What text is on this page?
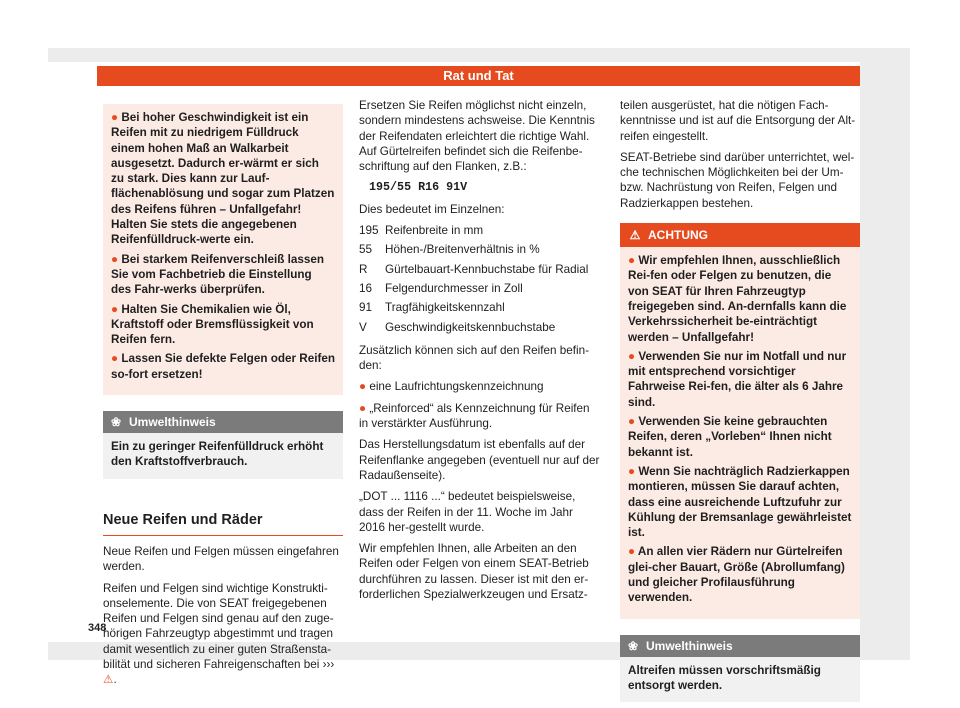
Rat und Tat

● Bei hoher Geschwindigkeit ist ein Reifen mit zu niedrigem Fülldruck einem hohen Maß an Walkarbeit ausgesetzt. Dadurch er-wärmt er sich zu stark. Dies kann zur Lauf-flächenablösung und sogar zum Platzen des Reifens führen – Unfallgefahr! Halten Sie stets die angegebenen Reifenfülldruck-werte ein.

● Bei starkem Reifenverschleiß lassen Sie vom Fachbetrieb die Einstellung des Fahr-werks überprüfen.

● Halten Sie Chemikalien wie Öl, Kraftstoff oder Bremsflüssigkeit von Reifen fern.

● Lassen Sie defekte Felgen oder Reifen so-fort ersetzen!

❀ Umwelthinweis
Ein zu geringer Reifenfülldruck erhöht den Kraftstoffverbrauch.
Neue Reifen und Räder

Neue Reifen und Felgen müssen eingefahren werden.

Reifen und Felgen sind wichtige Konstrukti-onselemente. Die von SEAT freigegebenen Reifen und Felgen sind genau auf den zuge-hörigen Fahrzeugtyp abgestimmt und tragen damit wesentlich zu einer guten Straßensta-bilität und sicheren Fahreigenschaften bei ››› ⚠.

Ersetzen Sie Reifen möglichst nicht einzeln, sondern mindestens achsweise. Die Kenntnis der Reifendaten erleichtert die richtige Wahl. Auf Gürtelreifen befindet sich die Reifenbe-schriftung auf den Flanken, z.B.:

195/55 R16 91V

Dies bedeutet im Einzelnen:

195 Reifenbreite in mm
55	Höhen-/Breitenverhältnis in %
R	Gürtelbauart-Kennbuchstabe für Radial
16	Felgendurchmesser in Zoll
91	Tragfähigkeitskennzahl
V	Geschwindigkeitskennbuchstabe

Zusätzlich können sich auf den Reifen befin-den:

● eine Laufrichtungskennzeichnung

● „Reinforced“ als Kennzeichnung für Reifen in verstärkter Ausführung.

Das Herstellungsdatum ist ebenfalls auf der Reifenflanke angegeben (eventuell nur auf der Radaußenseite).

„DOT ... 1116 ...“ bedeutet beispielsweise, dass der Reifen in der 11. Woche im Jahr 2016 her-gestellt wurde.

Wir empfehlen Ihnen, alle Arbeiten an den Reifen oder Felgen von einem SEAT-Betrieb durchführen zu lassen. Dieser ist mit den er-forderlichen Spezialwerkzeugen und Ersatz-

teilen ausgerüstet, hat die nötigen Fach-kenntnisse und ist auf die Entsorgung der Alt-reifen eingestellt.

SEAT-Betriebe sind darüber unterrichtet, wel-che technischen Möglichkeiten bei der Um-bzw. Nachrüstung von Reifen, Felgen und Radzierkappen bestehen.

⚠ ACHTUNG

● Wir empfehlen Ihnen, ausschließlich Rei-fen oder Felgen zu benutzen, die von SEAT für Ihren Fahrzeugtyp freigegeben sind. An-dernfalls kann die Verkehrssicherheit be-einträchtigt werden – Unfallgefahr!

● Verwenden Sie nur im Notfall und nur mit entsprechend vorsichtiger Fahrweise Rei-fen, die älter als 6 Jahre sind.

● Verwenden Sie keine gebrauchten Reifen, deren „Vorleben“ Ihnen nicht bekannt ist.

● Wenn Sie nachträglich Radzierkappen montieren, müssen Sie darauf achten, dass eine ausreichende Luftzufuhr zur Kühlung der Bremsanlage gewährleistet ist.

● An allen vier Rädern nur Gürtelreifen glei-cher Bauart, Größe (Abrollumfang) und gleicher Profilausführung verwenden.

❀ Umwelthinweis
Altreifen müssen vorschriftsmäßig entsorgt werden.
348
